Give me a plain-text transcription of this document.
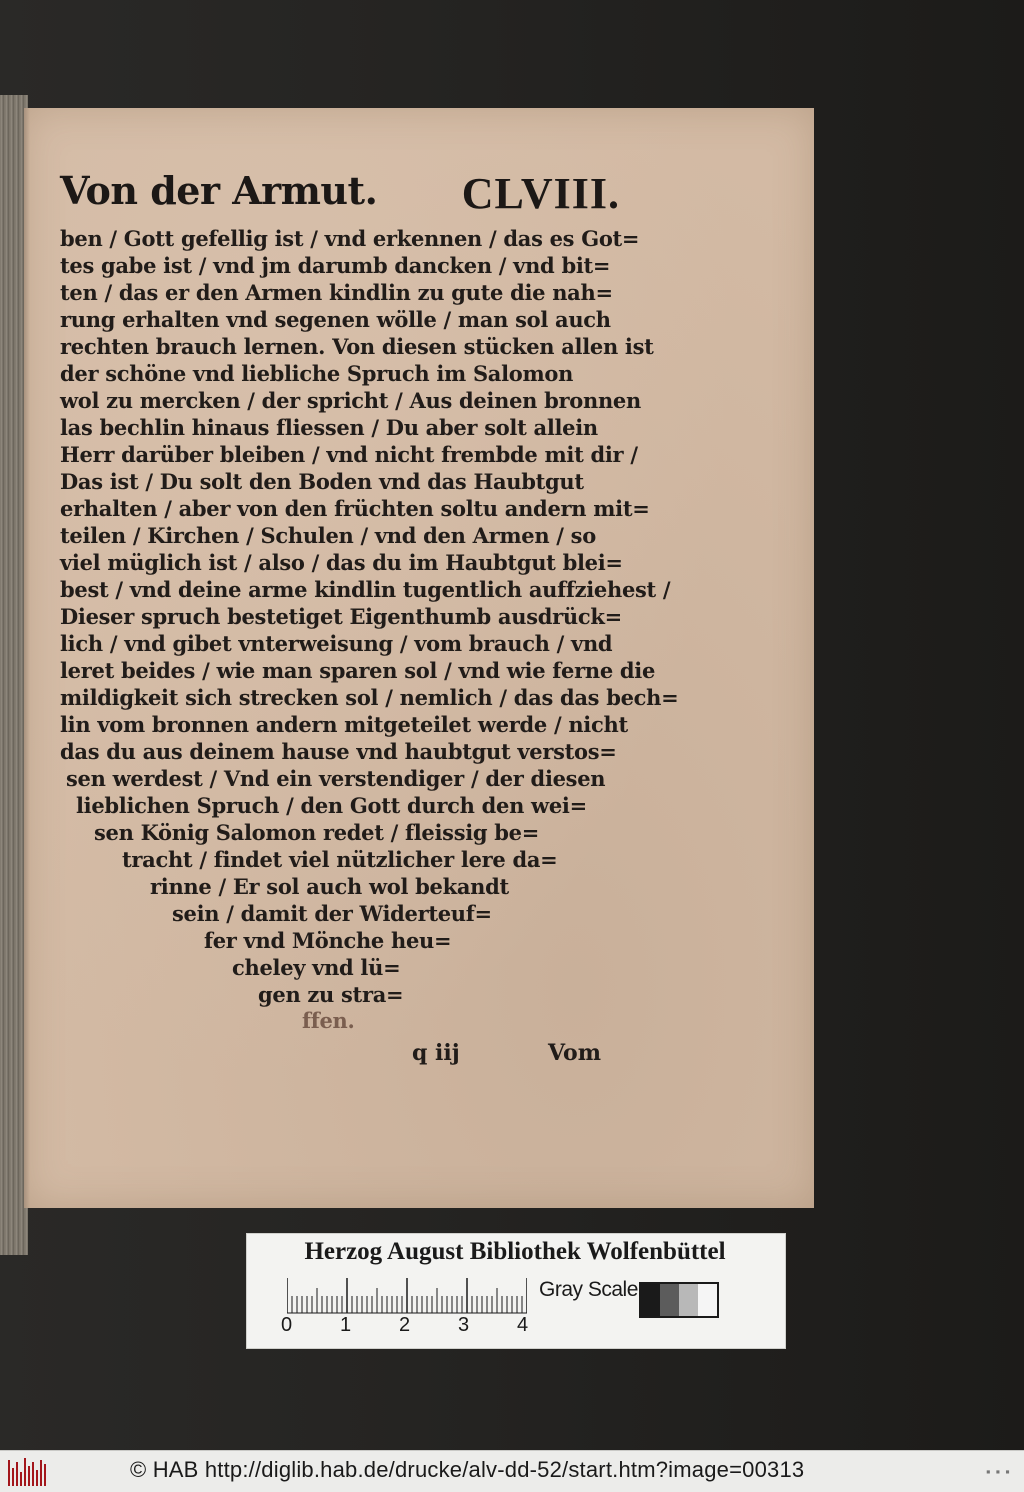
Von der Armut. CLVIII.
ben / Gott gefellig ist / vnd erkennen / das es Got=
tes gabe ist / vnd jm darumb dancken / vnd bit=
ten / das er den Armen kindlin zu gute die nah=
rung erhalten vnd segenen wölle / man sol auch
rechten brauch lernen. Von diesen stücken allen ist
der schöne vnd liebliche Spruch im Salomon
wol zu mercken / der spricht / Aus deinen bronnen
las bechlin hinaus fliessen / Du aber solt allein
Herr darüber bleiben / vnd nicht frembde mit dir /
Das ist / Du solt den Boden vnd das Haubtgut
erhalten / aber von den früchten soltu andern mit=
teilen / Kirchen / Schulen / vnd den Armen / so
viel müglich ist / also / das du im Haubtgut blei=
best / vnd deine arme kindlin tugentlich auffziehest /
Dieser spruch bestetiget Eigenthumb ausdrück=
lich / vnd gibet vnterweisung / vom brauch / vnd
leret beides / wie man sparen sol / vnd wie ferne die
mildigkeit sich strecken sol / nemlich / das das bech=
lin vom bronnen andern mitgeteilet werde / nicht
das du aus deinem hause vnd haubtgut verstos=
sen werdest / Vnd ein verstendiger / der diesen
lieblichen Spruch / den Gott durch den wei=
sen König Salomon redet / fleissig be=
tracht / findet viel nützlicher lere da=
rinne / Er sol auch wol bekandt
sein / damit der Widerteuf=
fer vnd Mönche heu=
cheley vnd lü=
gen zu stra=
ffen.
q iij	Vom
Herzog August Bibliothek Wolfenbüttel
0 1 2 3 4
Gray Scale
© HAB http://diglib.hab.de/drucke/alv-dd-52/start.htm?image=00313	▪ ▪ ▪
